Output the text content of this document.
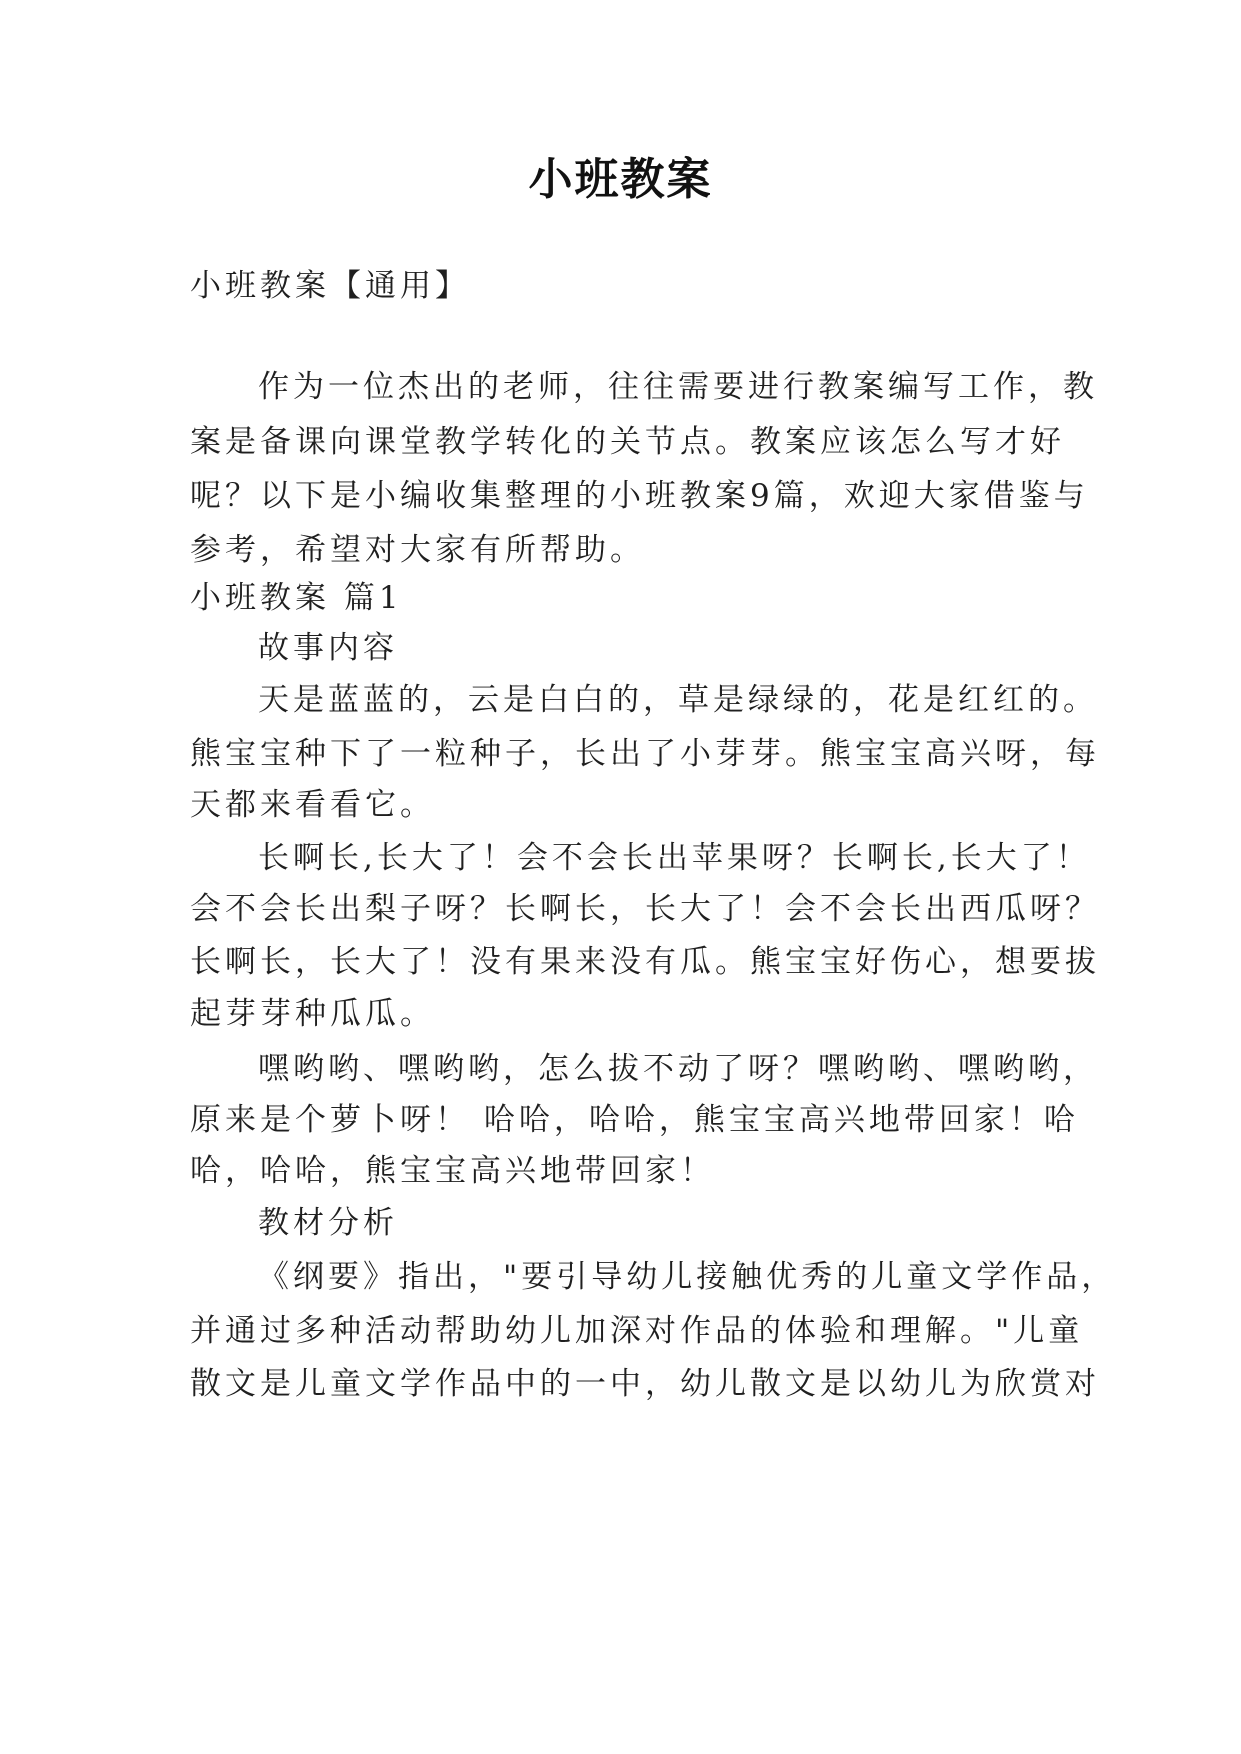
小班教案
小班教案【通用】
作为一位杰出的老师，往往需要进行教案编写工作，教
案是备课向课堂教学转化的关节点。教案应该怎么写才好
呢？以下是小编收集整理的小班教案9篇，欢迎大家借鉴与
参考，希望对大家有所帮助。
小班教案 篇1
故事内容
天是蓝蓝的，云是白白的，草是绿绿的，花是红红的。
熊宝宝种下了一粒种子，长出了小芽芽。熊宝宝高兴呀，每
天都来看看它。
长啊长,长大了！会不会长出苹果呀？长啊长,长大了！
会不会长出梨子呀？长啊长，长大了！会不会长出西瓜呀？
长啊长，长大了！没有果来没有瓜。熊宝宝好伤心，想要拔
起芽芽种瓜瓜。
嘿哟哟、嘿哟哟，怎么拔不动了呀？嘿哟哟、嘿哟哟，
原来是个萝卜呀！ 哈哈，哈哈，熊宝宝高兴地带回家！哈
哈，哈哈，熊宝宝高兴地带回家！
教材分析
《纲要》指出，"要引导幼儿接触优秀的儿童文学作品，
并通过多种活动帮助幼儿加深对作品的体验和理解。"儿童
散文是儿童文学作品中的一中，幼儿散文是以幼儿为欣赏对
